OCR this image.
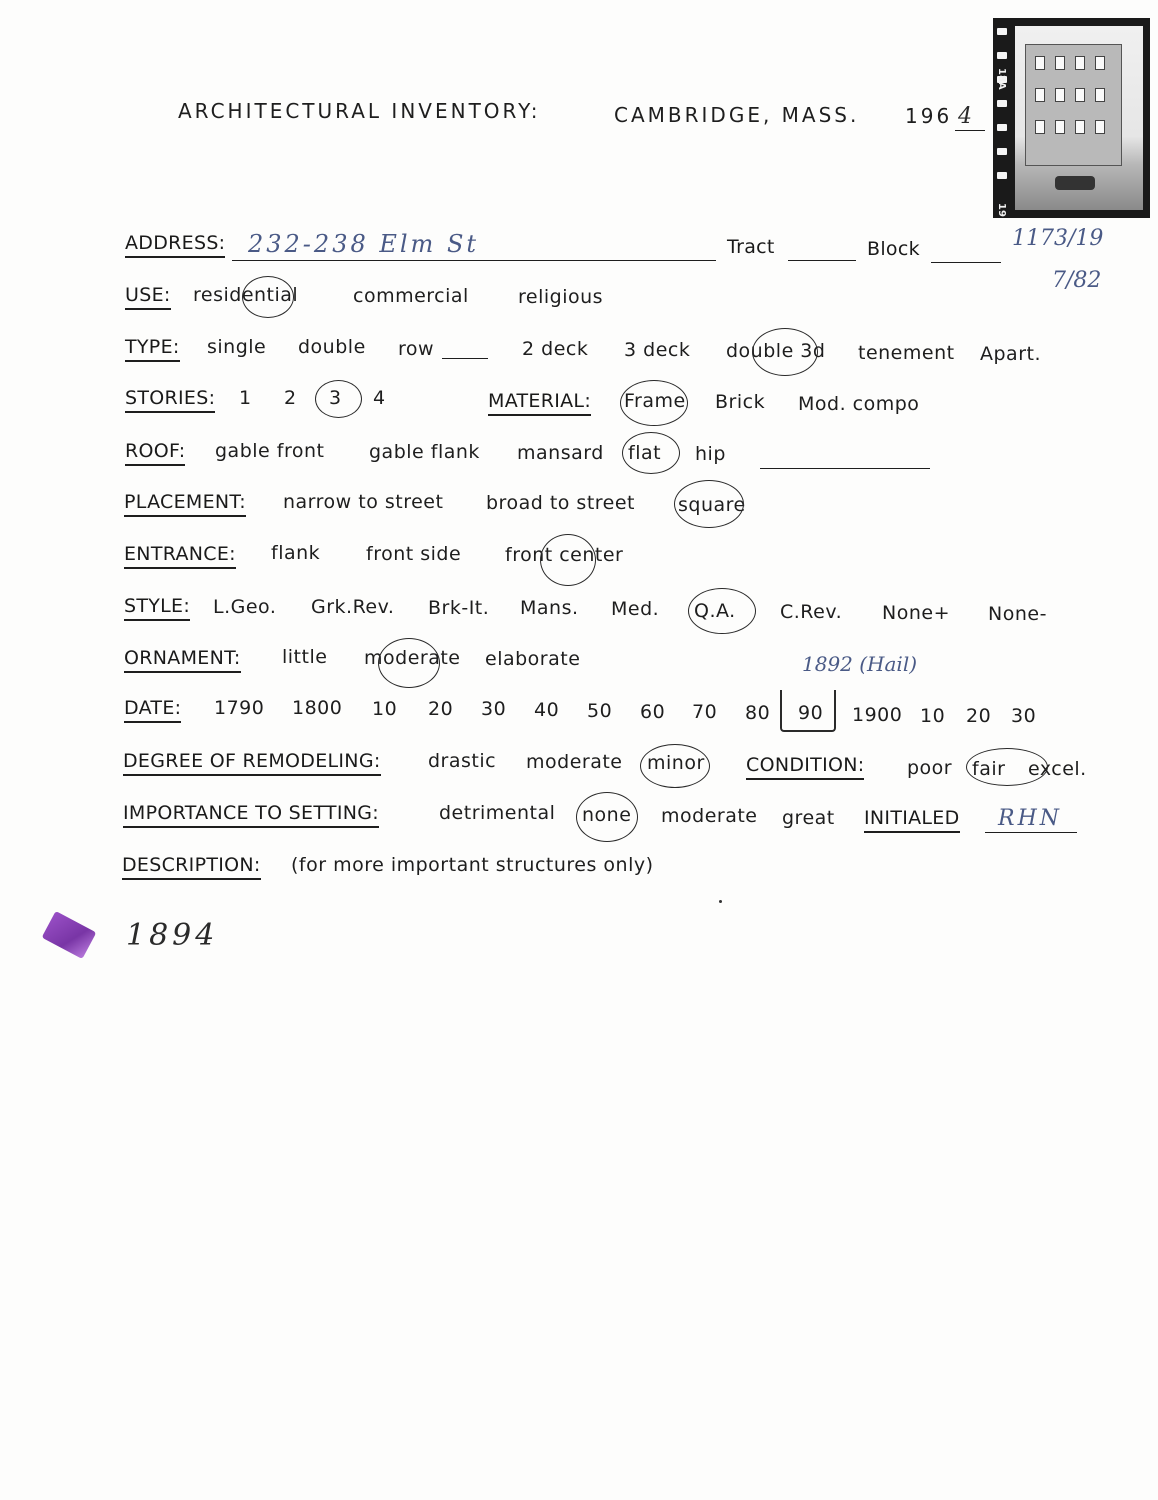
18A
19
ARCHITECTURAL INVENTORY:	CAMBRIDGE, MASS. 196 4
1173/19
7/82
ADDRESS: 232-238 Elm St	Tract	Block
USE: residential	commercial	religious
TYPE: single double row	2 deck 3 deck double 3d tenement Apart.
STORIES: 1 2 3 4	MATERIAL: Frame Brick Mod. compo
ROOF: gable front gable flank mansard flat hip
PLACEMENT: narrow to street broad to street square
ENTRANCE: flank front side front center
STYLE: L.Geo. Grk.Rev. Brk-It. Mans. Med. Q.A. C.Rev. None+ None-
ORNAMENT: little moderate elaborate	1892 (Hail)
DATE: 1790 1800 10 20 30 40 50 60 70 80 90 1900 10 20 30
DEGREE OF REMODELING: drastic moderate minor CONDITION: poor fair excel.
IMPORTANCE TO SETTING:	detrimental none moderate great INITIALED RHN
DESCRIPTION: (for more important structures only)
1894
